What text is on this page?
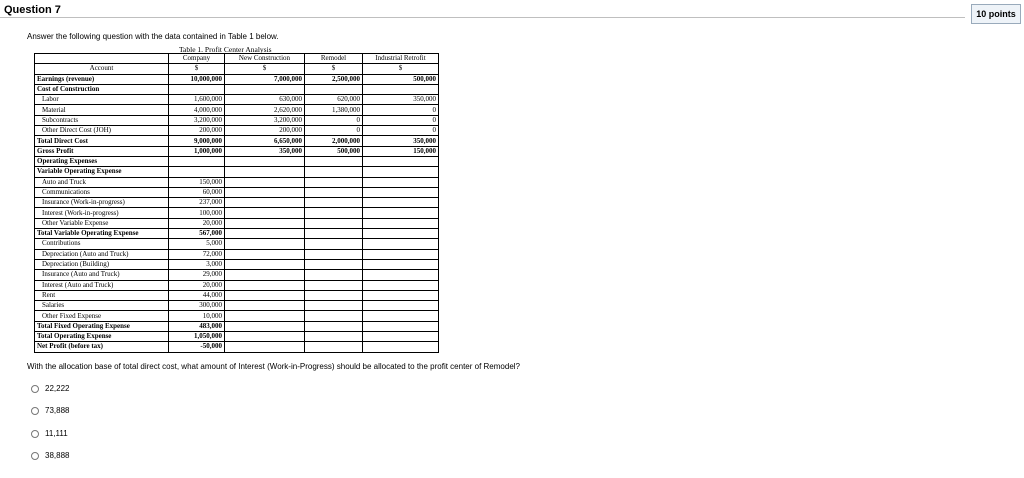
Question 7	10 points
Answer the following question with the data contained in Table 1 below.
Table 1. Profit Center Analysis
	Company	New Construction	Remodel	Industrial Retrofit
Account	$	$	$	$
Earnings (revenue)	10,000,000	7,000,000	2,500,000	500,000
Cost of Construction				
Labor	1,600,000	630,000	620,000	350,000
Material	4,000,000	2,620,000	1,380,000	0
Subcontracts	3,200,000	3,200,000	0	0
Other Direct Cost (JOH)	200,000	200,000	0	0
Total Direct Cost	9,000,000	6,650,000	2,000,000	350,000
Gross Profit	1,000,000	350,000	500,000	150,000
Operating Expenses				
Variable Operating Expense				
Auto and Truck	150,000			
Communications	60,000			
Insurance (Work-in-progress)	237,000			
Interest (Work-in-progress)	100,000			
Other Variable Expense	20,000			
Total Variable Operating Expense	567,000			
Contributions	5,000			
Depreciation (Auto and Truck)	72,000			
Depreciation (Building)	3,000			
Insurance (Auto and Truck)	29,000			
Interest (Auto and Truck)	20,000			
Rent	44,000			
Salaries	300,000			
Other Fixed Expense	10,000			
Total Fixed Operating Expense	483,000			
Total Operating Expense	1,050,000			
Net Profit (before tax)	-50,000			
With the allocation base of total direct cost, what amount of Interest (Work-in-Progress) should be allocated to the profit center of Remodel?
22,222
73,888
11,111
38,888
